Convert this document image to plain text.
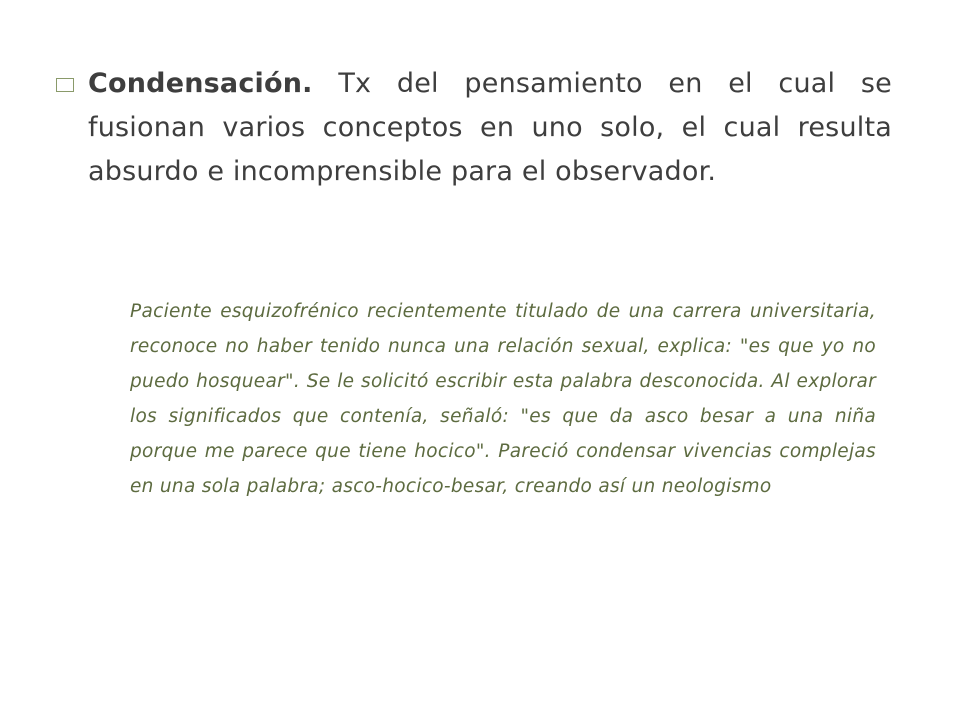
Condensación. Tx del pensamiento en el cual se fusionan varios conceptos en uno solo, el cual resulta absurdo e incomprensible para el observador.
Paciente esquizofrénico recientemente titulado de una carrera universitaria, reconoce no haber tenido nunca una relación sexual, explica: "es que yo no puedo hosquear". Se le solicitó escribir esta palabra desconocida. Al explorar los significados que contenía, señaló: "es que da asco besar a una niña porque me parece que tiene hocico". Pareció condensar vivencias complejas en una sola palabra; asco-hocico-besar, creando así un neologismo
